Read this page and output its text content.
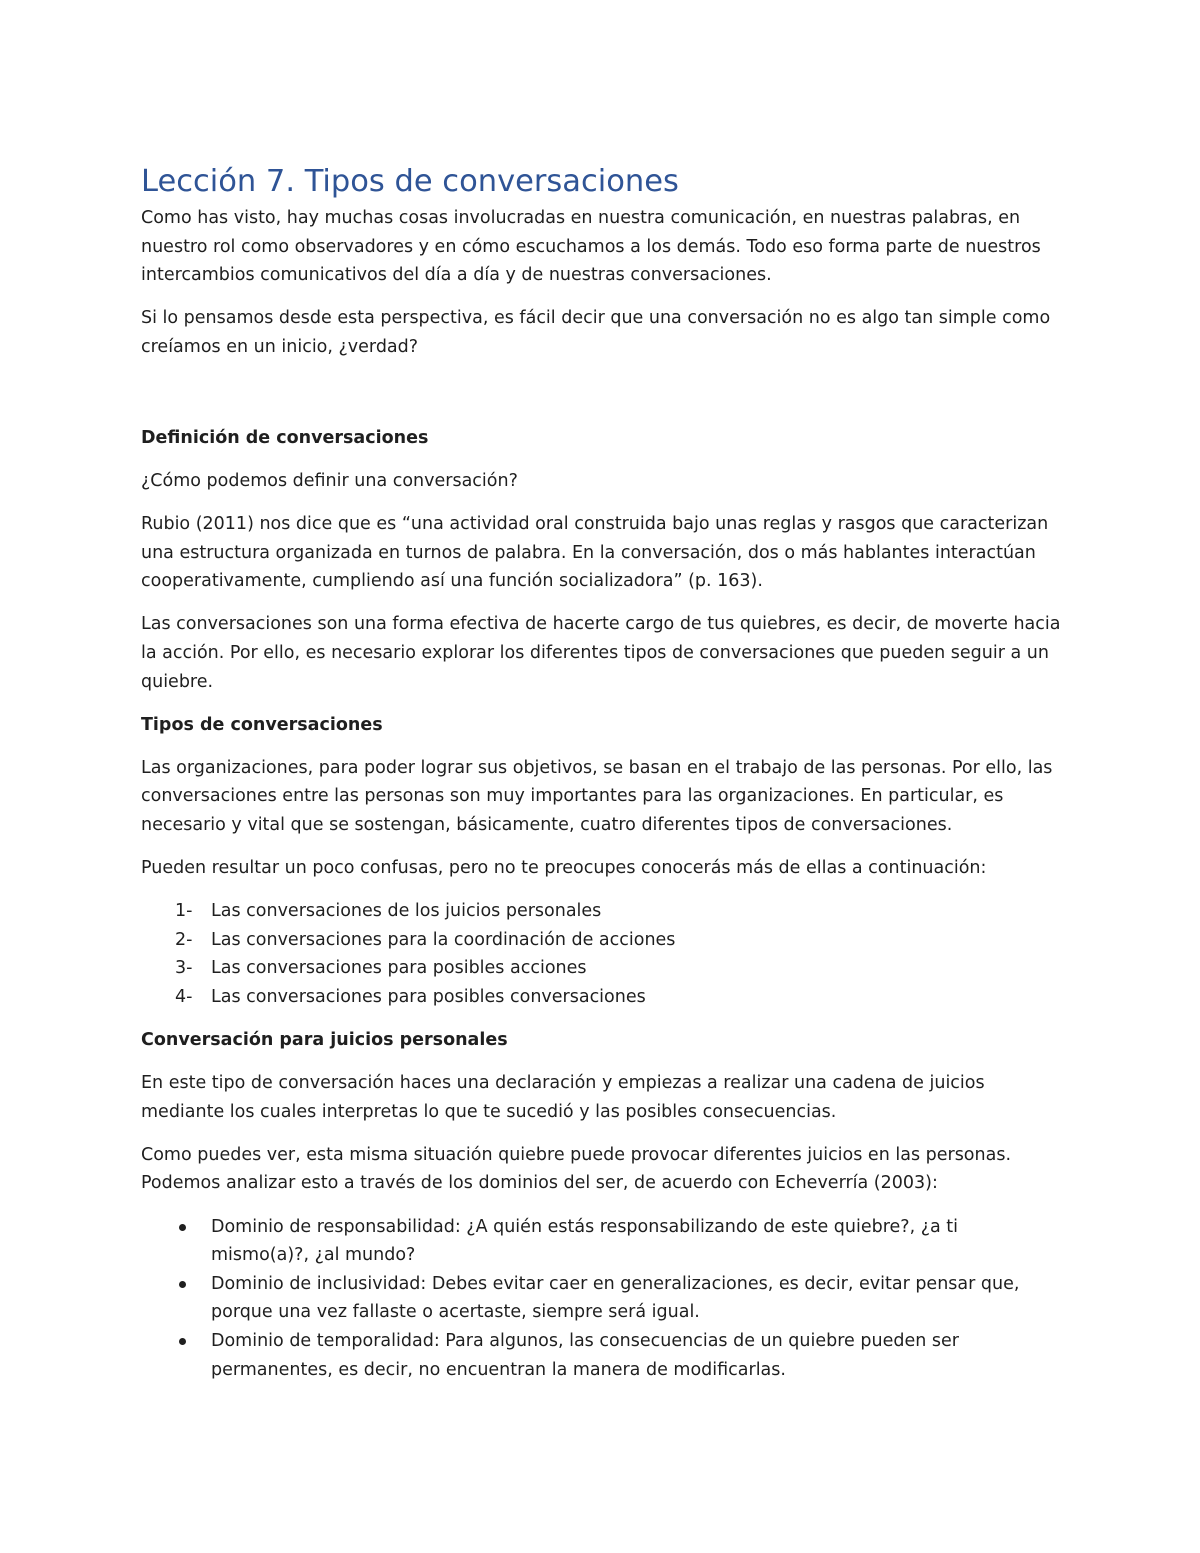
Lección 7. Tipos de conversaciones

Como has visto, hay muchas cosas involucradas en nuestra comunicación, en nuestras palabras, en nuestro rol como observadores y en cómo escuchamos a los demás. Todo eso forma parte de nuestros intercambios comunicativos del día a día y de nuestras conversaciones.

Si lo pensamos desde esta perspectiva, es fácil decir que una conversación no es algo tan simple como creíamos en un inicio, ¿verdad?

Definición de conversaciones

¿Cómo podemos definir una conversación?

Rubio (2011) nos dice que es “una actividad oral construida bajo unas reglas y rasgos que caracterizan una estructura organizada en turnos de palabra. En la conversación, dos o más hablantes interactúan cooperativamente, cumpliendo así una función socializadora” (p. 163).

Las conversaciones son una forma efectiva de hacerte cargo de tus quiebres, es decir, de moverte hacia la acción. Por ello, es necesario explorar los diferentes tipos de conversaciones que pueden seguir a un quiebre.

Tipos de conversaciones

Las organizaciones, para poder lograr sus objetivos, se basan en el trabajo de las personas. Por ello, las conversaciones entre las personas son muy importantes para las organizaciones. En particular, es necesario y vital que se sostengan, básicamente, cuatro diferentes tipos de conversaciones.

Pueden resultar un poco confusas, pero no te preocupes conocerás más de ellas a continuación:

1- Las conversaciones de los juicios personales
2- Las conversaciones para la coordinación de acciones
3- Las conversaciones para posibles acciones
4- Las conversaciones para posibles conversaciones
Conversación para juicios personales

En este tipo de conversación haces una declaración y empiezas a realizar una cadena de juicios mediante los cuales interpretas lo que te sucedió y las posibles consecuencias.

Como puedes ver, esta misma situación quiebre puede provocar diferentes juicios en las personas. Podemos analizar esto a través de los dominios del ser, de acuerdo con Echeverría (2003):

Dominio de responsabilidad: ¿A quién estás responsabilizando de este quiebre?, ¿a ti mismo(a)?, ¿al mundo?
Dominio de inclusividad: Debes evitar caer en generalizaciones, es decir, evitar pensar que, porque una vez fallaste o acertaste, siempre será igual.
Dominio de temporalidad: Para algunos, las consecuencias de un quiebre pueden ser permanentes, es decir, no encuentran la manera de modificarlas.
